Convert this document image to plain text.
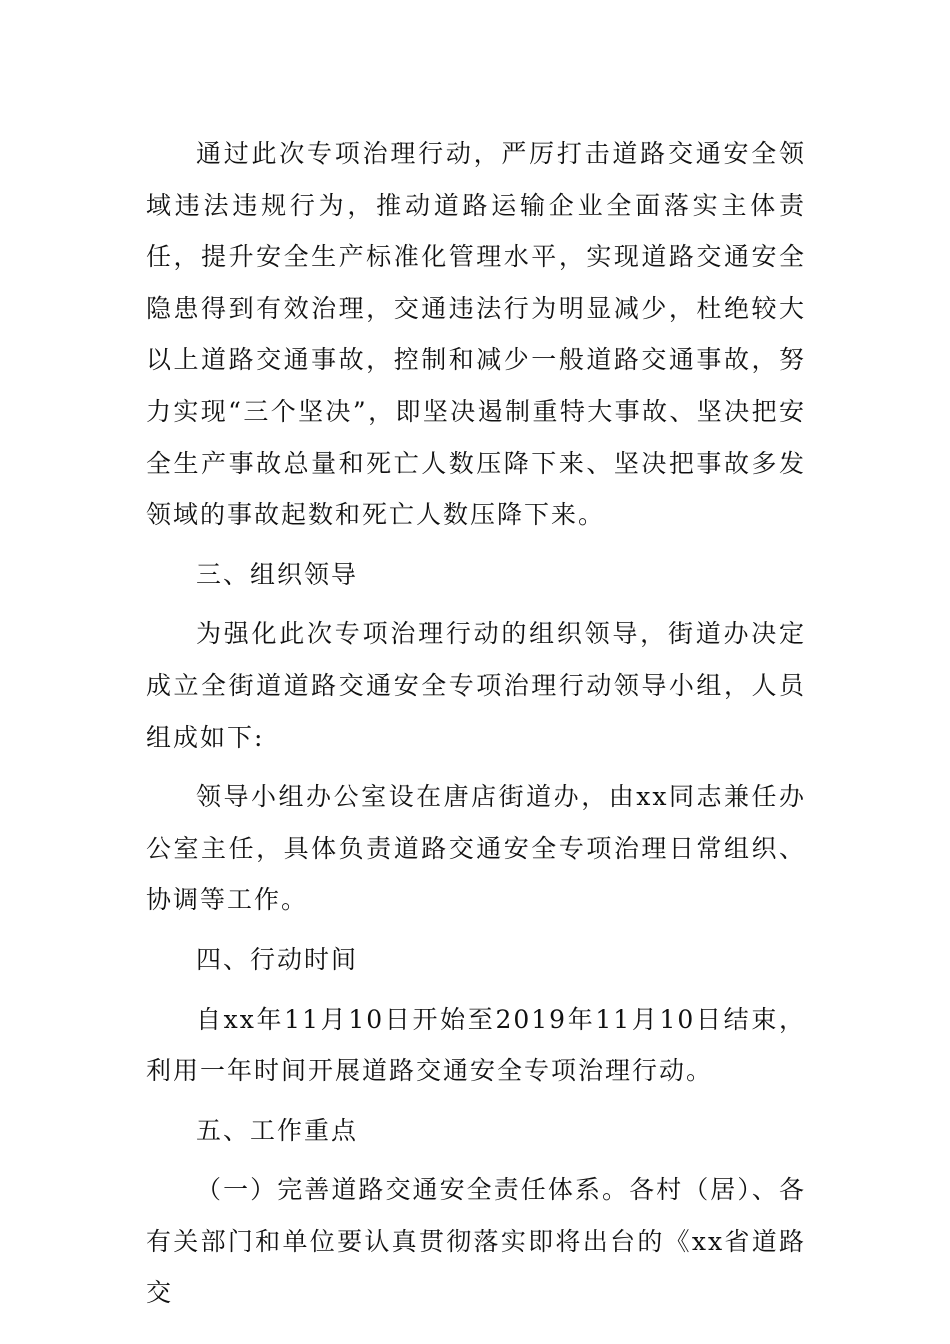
通过此次专项治理行动，严厉打击道路交通安全领域违法违规行为，推动道路运输企业全面落实主体责任，提升安全生产标准化管理水平，实现道路交通安全隐患得到有效治理，交通违法行为明显减少，杜绝较大以上道路交通事故，控制和减少一般道路交通事故，努力实现“三个坚决”，即坚决遏制重特大事故、坚决把安全生产事故总量和死亡人数压降下来、坚决把事故多发领域的事故起数和死亡人数压降下来。

三、组织领导

为强化此次专项治理行动的组织领导，街道办决定成立全街道道路交通安全专项治理行动领导小组，人员组成如下:

领导小组办公室设在唐店街道办，由xx同志兼任办公室主任，具体负责道路交通安全专项治理日常组织、协调等工作。

四、行动时间

自xx年11月10日开始至2019年11月10日结束，利用一年时间开展道路交通安全专项治理行动。

五、工作重点

（一）完善道路交通安全责任体系。各村（居）、各有关部门和单位要认真贯彻落实即将出台的《xx省道路交
